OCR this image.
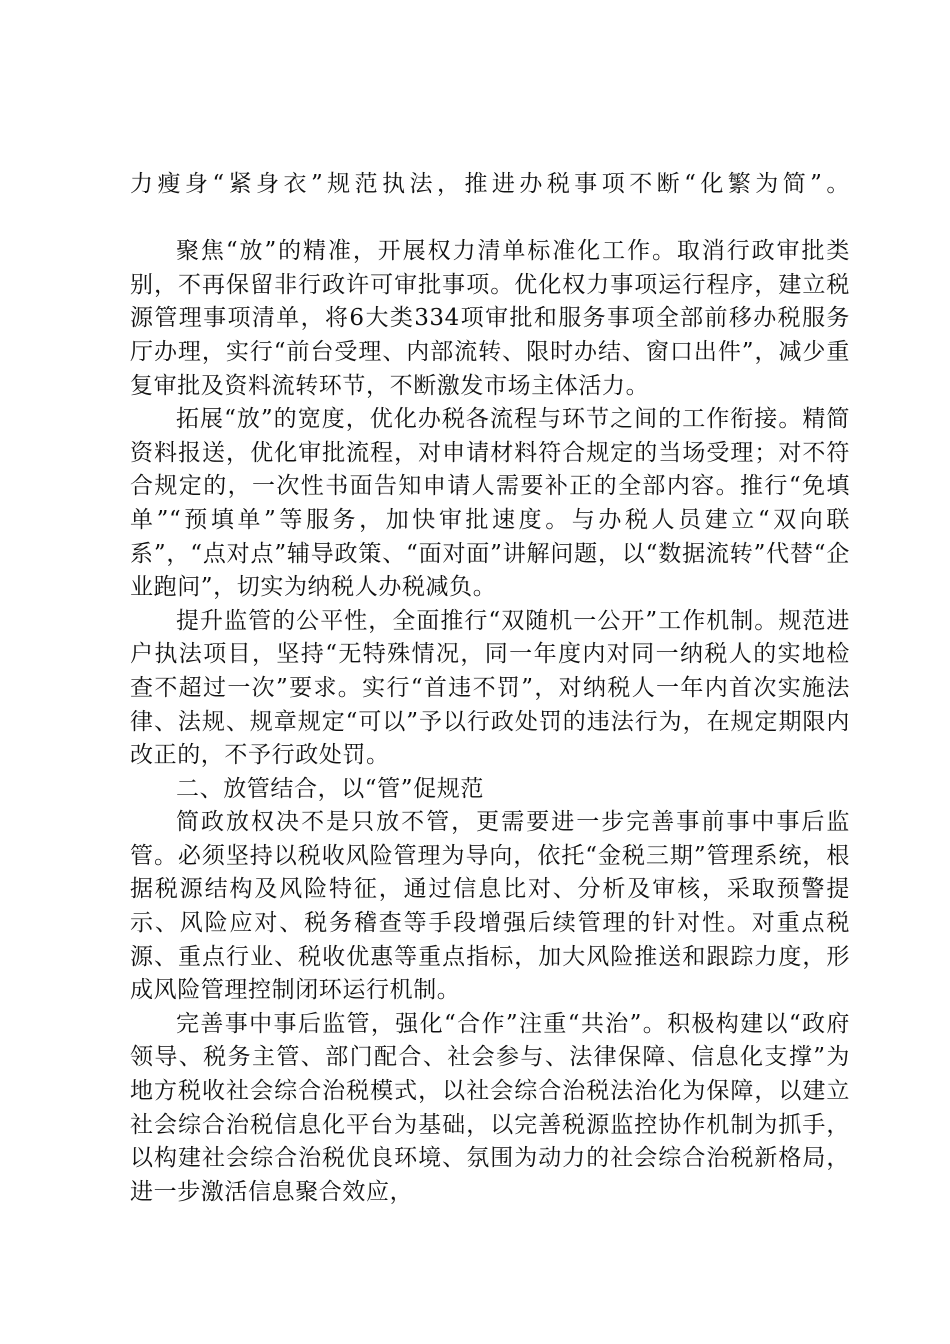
力瘦身“紧身衣”规范执法，推进办税事项不断“化繁为简”。

聚焦“放”的精准，开展权力清单标准化工作。取消行政审批类别，不再保留非行政许可审批事项。优化权力事项运行程序，建立税源管理事项清单，将6大类334项审批和服务事项全部前移办税服务厅办理，实行“前台受理、内部流转、限时办结、窗口出件”，减少重复审批及资料流转环节，不断激发市场主体活力。

拓展“放”的宽度，优化办税各流程与环节之间的工作衔接。精简资料报送，优化审批流程，对申请材料符合规定的当场受理；对不符合规定的，一次性书面告知申请人需要补正的全部内容。推行“免填单”“预填单”等服务，加快审批速度。与办税人员建立“双向联系”，“点对点”辅导政策、“面对面”讲解问题，以“数据流转”代替“企业跑问”，切实为纳税人办税减负。

提升监管的公平性，全面推行“双随机一公开”工作机制。规范进户执法项目，坚持“无特殊情况，同一年度内对同一纳税人的实地检查不超过一次”要求。实行“首违不罚”，对纳税人一年内首次实施法律、法规、规章规定“可以”予以行政处罚的违法行为，在规定期限内改正的，不予行政处罚。

二、放管结合，以“管”促规范

简政放权决不是只放不管，更需要进一步完善事前事中事后监管。必须坚持以税收风险管理为导向，依托“金税三期”管理系统，根据税源结构及风险特征，通过信息比对、分析及审核，采取预警提示、风险应对、税务稽查等手段增强后续管理的针对性。对重点税源、重点行业、税收优惠等重点指标，加大风险推送和跟踪力度，形成风险管理控制闭环运行机制。

完善事中事后监管，强化“合作”注重“共治”。积极构建以“政府领导、税务主管、部门配合、社会参与、法律保障、信息化支撑”为地方税收社会综合治税模式，以社会综合治税法治化为保障，以建立社会综合治税信息化平台为基础，以完善税源监控协作机制为抓手，以构建社会综合治税优良环境、氛围为动力的社会综合治税新格局，进一步激活信息聚合效应，
